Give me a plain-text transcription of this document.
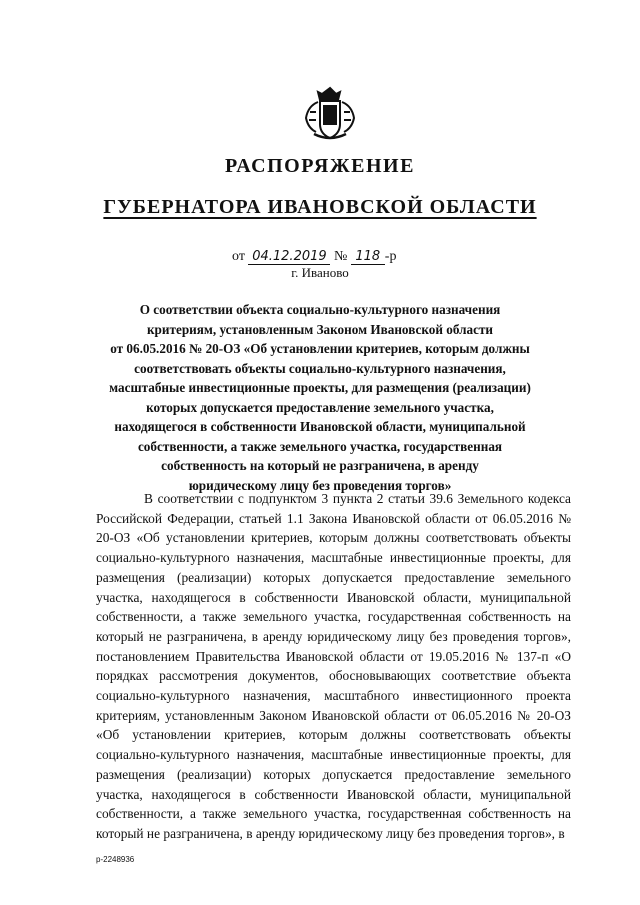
РАСПОРЯЖЕНИЕ
ГУБЕРНАТОРА ИВАНОВСКОЙ ОБЛАСТИ
от 04.12.2019 № 118 -р
г. Иваново
О соответствии объекта социально-культурного назначения
критериям, установленным Законом Ивановской области
от 06.05.2016 № 20-ОЗ «Об установлении критериев, которым должны
соответствовать объекты социально-культурного назначения,
масштабные инвестиционные проекты, для размещения (реализации)
которых допускается предоставление земельного участка,
находящегося в собственности Ивановской области, муниципальной
собственности, а также земельного участка, государственная
собственность на который не разграничена, в аренду
юридическому лицу без проведения торгов»

В соответствии с подпунктом 3 пункта 2 статьи 39.6 Земельного кодекса Российской Федерации, статьей 1.1 Закона Ивановской области от 06.05.2016 № 20-ОЗ «Об установлении критериев, которым должны соответствовать объекты социально-культурного назначения, масштабные инвестиционные проекты, для размещения (реализации) которых допускается предоставление земельного участка, находящегося в собственности Ивановской области, муниципальной собственности, а также земельного участка, государственная собственность на который не разграничена, в аренду юридическому лицу без проведения торгов», постановлением Правительства Ивановской области от 19.05.2016 № 137-п «О порядках рассмотрения документов, обосновывающих соответствие объекта социально-культурного назначения, масштабного инвестиционного проекта критериям, установленным Законом Ивановской области от 06.05.2016 № 20-ОЗ «Об установлении критериев, которым должны соответствовать объекты социально-культурного назначения, масштабные инвестиционные проекты, для размещения (реализации) которых допускается предоставление земельного участка, находящегося в собственности Ивановской области, муниципальной собственности, а также земельного участка, государственная собственность на который не разграничена, в аренду юридическому лицу без проведения торгов», в

р-2248936
